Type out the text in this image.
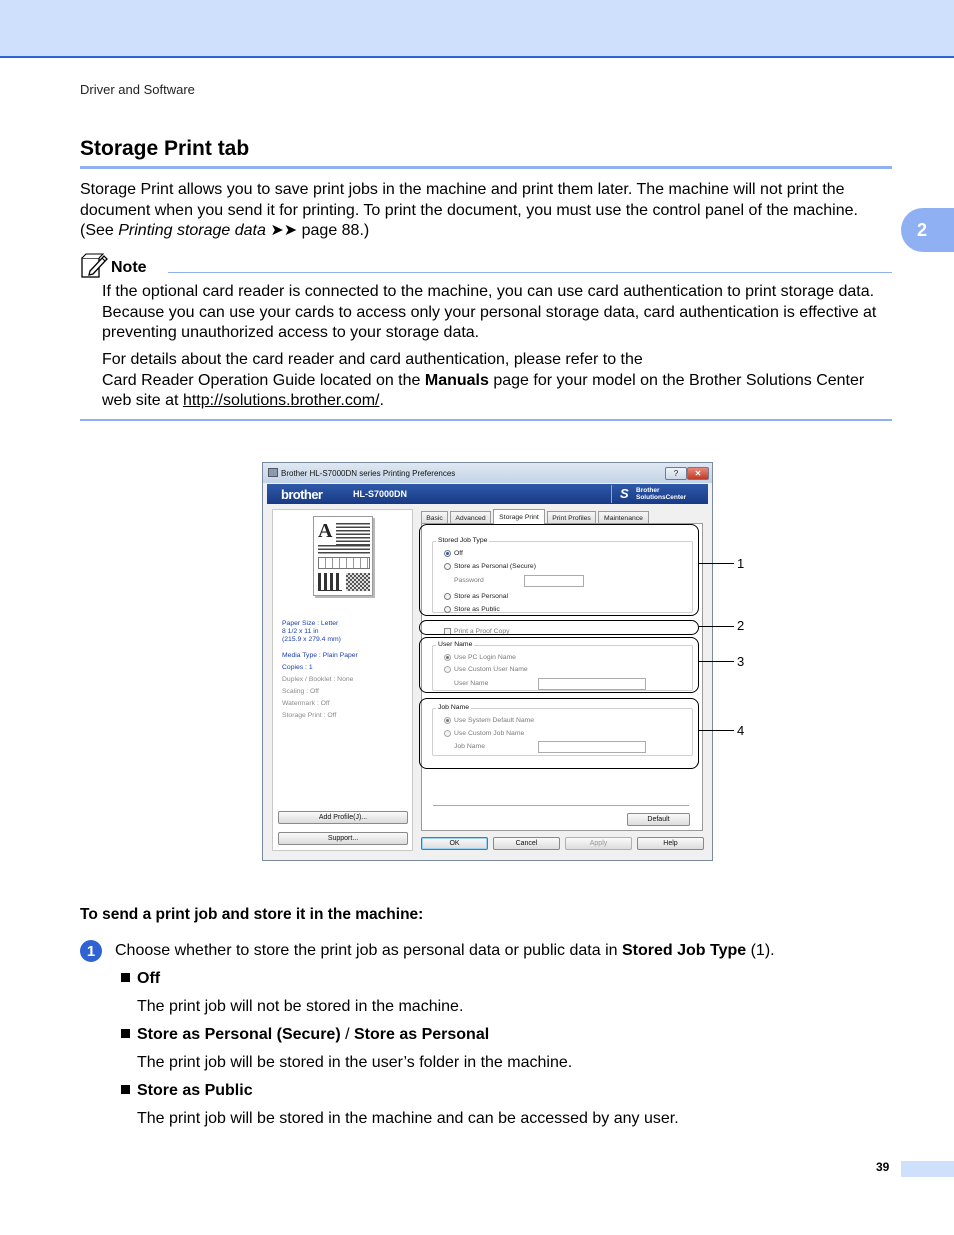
Driver and Software
2
Storage Print tab

Storage Print allows you to save print jobs in the machine and print them later. The machine will not print the document when you send it for printing. To print the document, you must use the control panel of the machine. (See Printing storage data ➤➤ page 88.)

Note

If the optional card reader is connected to the machine, you can use card authentication to print storage data. Because you can use your cards to access only your personal storage data, card authentication is effective at preventing unauthorized access to your storage data.

For details about the card reader and card authentication, please refer to the
Card Reader Operation Guide located on the Manuals page for your model on the Brother Solutions Center web site at http://solutions.brother.com/.

Brother HL-S7000DN series Printing Preferences	?	✕
brother	HL-S7000DN	S Brother
SolutionsCenter
A
Paper Size : Letter
8 1/2 x 11 in
(215.9 x 279.4 mm)
Media Type : Plain Paper
Copies : 1
Duplex / Booklet : None
Scaling : Off
Watermark : Off
Storage Print : Off
Add Profile(J)...
Support...
Basic	Advanced	Storage Print	Print Profiles	Maintenance
Stored Job Type
Off
Store as Personal (Secure)
Password
Store as Personal
Store as Public
Print a Proof Copy
User Name
Use PC Login Name
Use Custom User Name
User Name
Job Name
Use System Default Name
Use Custom Job Name
Job Name
Default
OK	Cancel	Apply	Help
1
2
3
4
To send a print job and store it in the machine:
1	Choose whether to store the print job as personal data or public data in Stored Job Type (1).

Off
The print job will not be stored in the machine.
Store as Personal (Secure) / Store as Personal
The print job will be stored in the user’s folder in the machine.
Store as Public
The print job will be stored in the machine and can be accessed by any user.
39
